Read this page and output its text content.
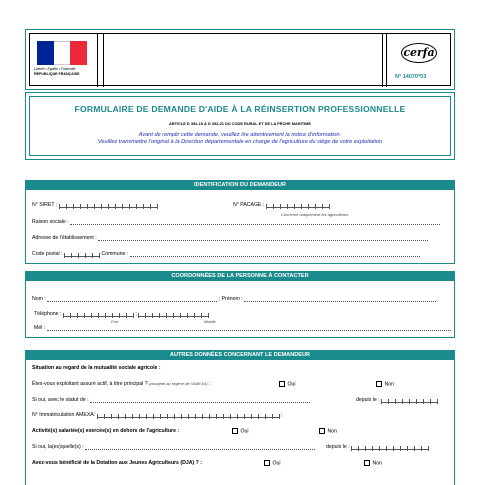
Liberté • Égalité • Fraternité
RÉPUBLIQUE FRANÇAISE
cerfa
N° 14070*03
FORMULAIRE DE DEMANDE D'AIDE À LA RÉINSERTION PROFESSIONNELLE
ARTICLE D 352-15 À D 352-21 DU CODE RURAL ET DE LA PÊCHE MARITIME
Avant de remplir cette demande, veuillez lire attentivement la notice d'information.
Veuillez transmettre l'original à la Direction départementale en charge de l'agriculture du siège de votre exploitation
IDENTIFICATION DU DEMANDEUR
N° SIRET :	N° PACAGE :
Concerne uniquement les agriculteurs
Raison sociale :
Adresse de l'établissement :
Code postal :	Commune :
COORDONNÉES DE LA PERSONNE À CONTACTER
Nom :	; Prénom :
Téléphone :	;
Fixe	Mobile
Mél :
AUTRES DONNÉES CONCERNANT LE DEMANDEUR
Situation au regard de la mutualité sociale agricole :
Êtes-vous exploitant assuré actif, à titre principal ? (assujetti au régime de l'AMEXA) :	Oui	Non
Si oui, avec le statut de :	depuis le :
N° Immatriculation AMEXA:	;
Activité(s) salariée(s) exercée(s) en dehors de l'agriculture :	Oui	Non
Si oui, la(es)quelle(s) :	depuis le :
Avez-vous bénéficié de la Dotation aux Jeunes Agriculteurs (DJA) ? :	Oui	Non
